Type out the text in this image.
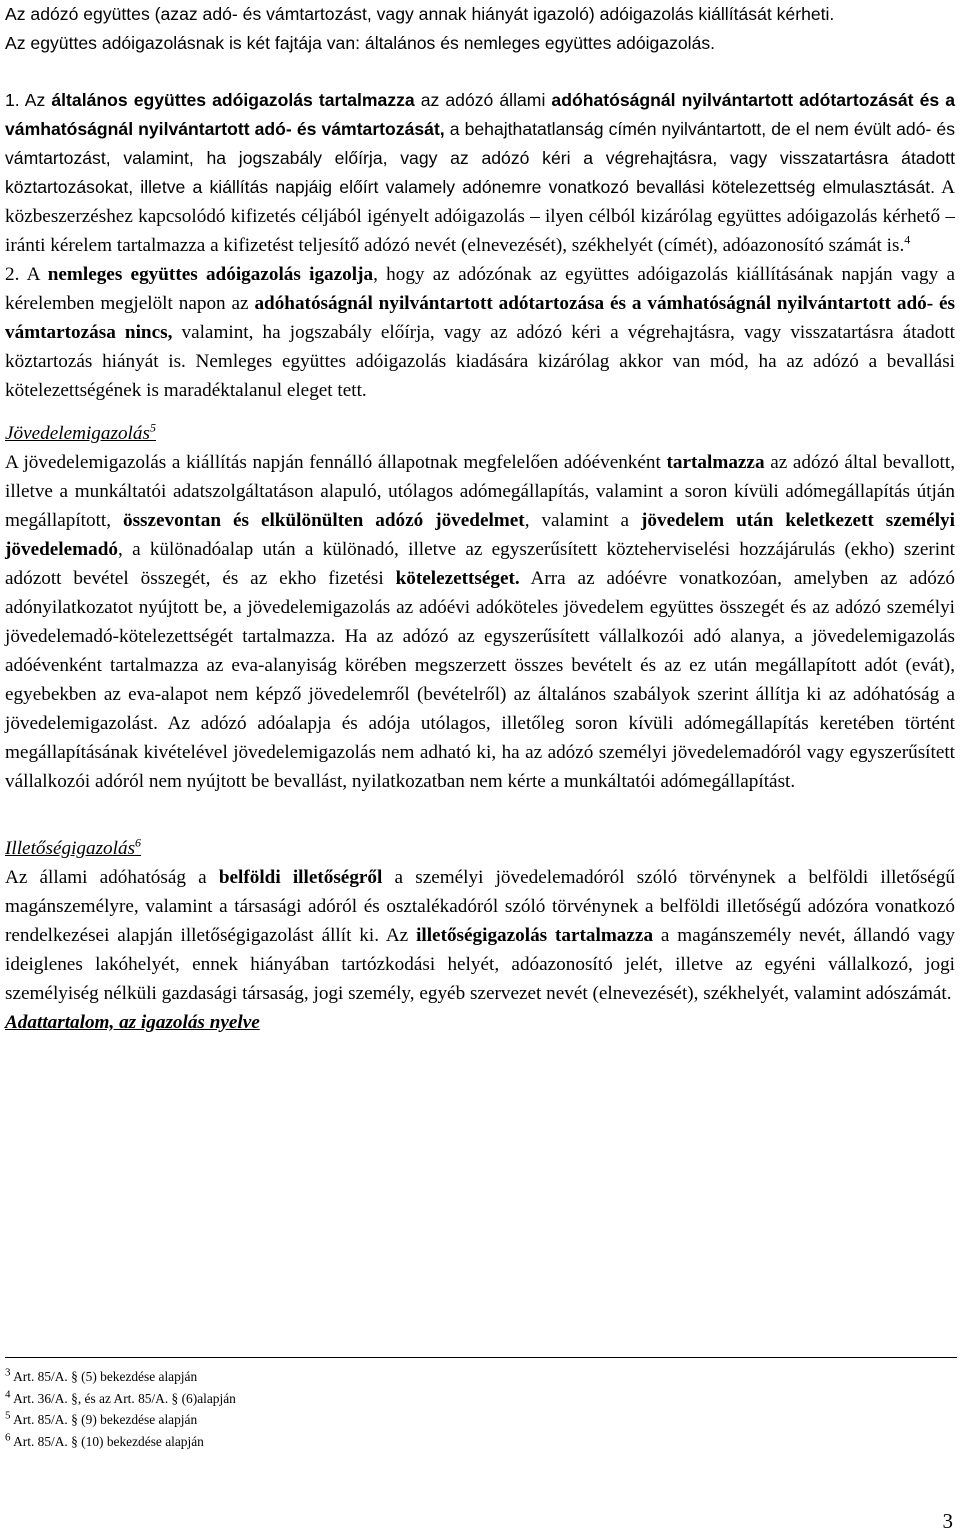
Az adózó együttes (azaz adó- és vámtartozást, vagy annak hiányát igazoló) adóigazolás kiállítását kérheti.
Az együttes adóigazolásnak is két fajtája van: általános és nemleges együttes adóigazolás.

1. Az általános együttes adóigazolás tartalmazza az adózó állami adóhatóságnál nyilvántartott adótartozását és a vámhatóságnál nyilvántartott adó- és vámtartozását, a behajthatatlanság címén nyilvántartott, de el nem évült adó- és vámtartozást, valamint, ha jogszabály előírja, vagy az adózó kéri a végrehajtásra, vagy visszatartásra átadott köztartozásokat, illetve a kiállítás napjáig előírt valamely adónemre vonatkozó bevallási kötelezettség elmulasztását. A közbeszerzéshez kapcsolódó kifizetés céljából igényelt adóigazolás – ilyen célból kizárólag együttes adóigazolás kérhető – iránti kérelem tartalmazza a kifizetést teljesítő adózó nevét (elnevezését), székhelyét (címét), adóazonosító számát is.$^4$

2. A nemleges együttes adóigazolás igazolja, hogy az adózónak az együttes adóigazolás kiállításának napján vagy a kérelemben megjelölt napon az adóhatóságnál nyilvántartott adótartozása és a vámhatóságnál nyilvántartott adó- és vámtartozása nincs, valamint, ha jogszabály előírja, vagy az adózó kéri a végrehajtásra, vagy visszatartásra átadott köztartozás hiányát is. Nemleges együttes adóigazolás kiadására kizárólag akkor van mód, ha az adózó a bevallási kötelezettségének is maradéktalanul eleget tett.

Jövedelemigazolás$^5$

A jövedelemigazolás a kiállítás napján fennálló állapotnak megfelelően adóévenként tartalmazza az adózó által bevallott, illetve a munkáltatói adatszolgáltatáson alapuló, utólagos adómegállapítás, valamint a soron kívüli adómegállapítás útján megállapított, összevontan és elkülönülten adózó jövedelmet, valamint a jövedelem után keletkezett személyi jövedelemadó, a különadóalap után a különadó, illetve az egyszerűsített közteherviselési hozzájárulás (ekho) szerint adózott bevétel összegét, és az ekho fizetési kötelezettséget. Arra az adóévre vonatkozóan, amelyben az adózó adónyilatkozatot nyújtott be, a jövedelemigazolás az adóévi adóköteles jövedelem együttes összegét és az adózó személyi jövedelemadó-kötelezettségét tartalmazza. Ha az adózó az egyszerűsített vállalkozói adó alanya, a jövedelemigazolás adóévenként tartalmazza az eva-alanyiság körében megszerzett összes bevételt és az ez után megállapított adót (evát), egyebekben az eva-alapot nem képző jövedelemről (bevételről) az általános szabályok szerint állítja ki az adóhatóság a jövedelemigazolást. Az adózó adóalapja és adója utólagos, illetőleg soron kívüli adómegállapítás keretében történt megállapításának kivételével jövedelemigazolás nem adható ki, ha az adózó személyi jövedelemadóról vagy egyszerűsített vállalkozói adóról nem nyújtott be bevallást, nyilatkozatban nem kérte a munkáltatói adómegállapítást.

Illetőségigazolás$^6$

Az állami adóhatóság a belföldi illetőségről a személyi jövedelemadóról szóló törvénynek a belföldi illetőségű magánszemélyre, valamint a társasági adóról és osztalékadóról szóló törvénynek a belföldi illetőségű adózóra vonatkozó rendelkezései alapján illetőségigazolást állít ki. Az illetőségigazolás tartalmazza a magánszemély nevét, állandó vagy ideiglenes lakóhelyét, ennek hiányában tartózkodási helyét, adóazonosító jelét, illetve az egyéni vállalkozó, jogi személyiség nélküli gazdasági társaság, jogi személy, egyéb szervezet nevét (elnevezését), székhelyét, valamint adószámát.

Adattartalom, az igazolás nyelve
$^3$ Art. 85/A. § (5) bekezdése alapján
$^4$ Art. 36/A. §, és az Art. 85/A. § (6)alapján
$^5$ Art. 85/A. § (9) bekezdése alapján
$^6$ Art. 85/A. § (10) bekezdése alapján
3
